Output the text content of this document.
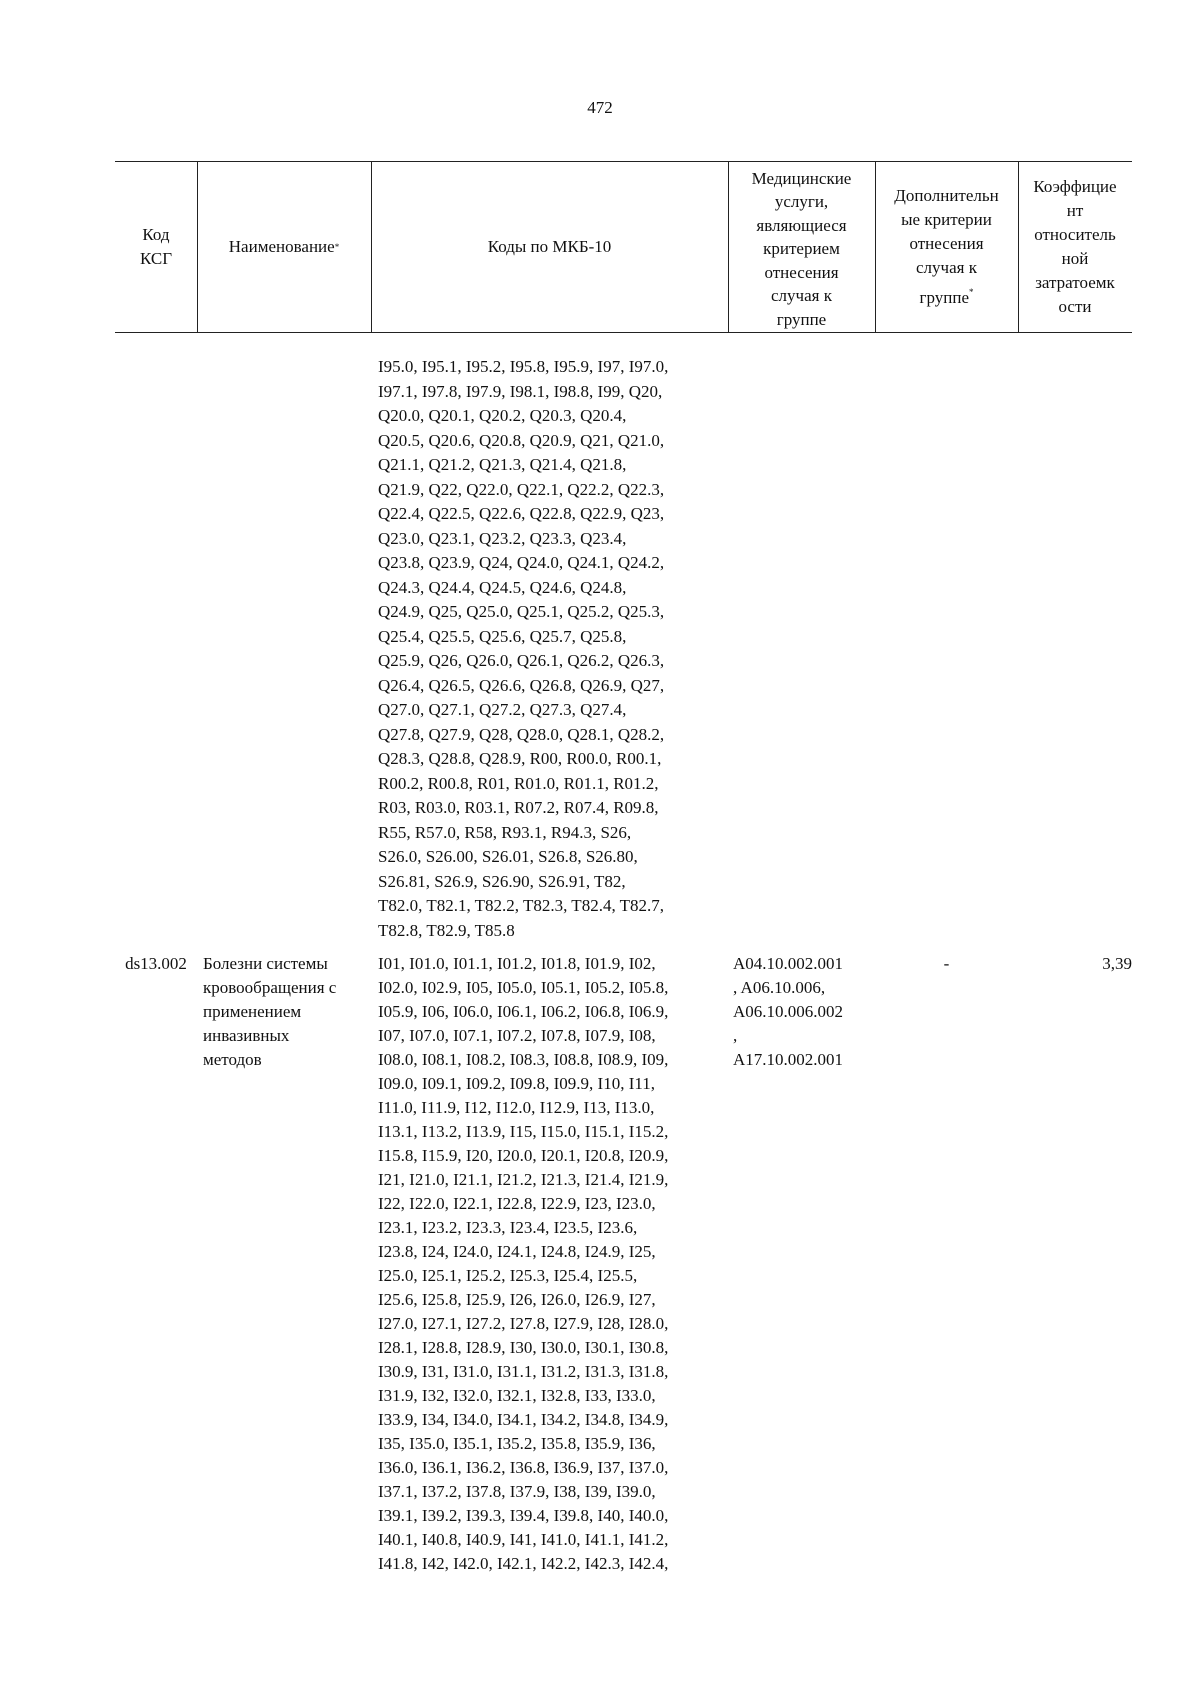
472
Код
КСГ
Наименование *	Коды по МКБ-10
Медицинские
услуги,
являющиеся
критерием
отнесения
случая к
группе
Дополнительн
ые критерии
отнесения
случая к
группе*
Коэффицие
нт
относитель
ной
затратоемк
ости
I95.0, I95.1, I95.2, I95.8, I95.9, I97, I97.0,
I97.1, I97.8, I97.9, I98.1, I98.8, I99, Q20,
Q20.0, Q20.1, Q20.2, Q20.3, Q20.4,
Q20.5, Q20.6, Q20.8, Q20.9, Q21, Q21.0,
Q21.1, Q21.2, Q21.3, Q21.4, Q21.8,
Q21.9, Q22, Q22.0, Q22.1, Q22.2, Q22.3,
Q22.4, Q22.5, Q22.6, Q22.8, Q22.9, Q23,
Q23.0, Q23.1, Q23.2, Q23.3, Q23.4,
Q23.8, Q23.9, Q24, Q24.0, Q24.1, Q24.2,
Q24.3, Q24.4, Q24.5, Q24.6, Q24.8,
Q24.9, Q25, Q25.0, Q25.1, Q25.2, Q25.3,
Q25.4, Q25.5, Q25.6, Q25.7, Q25.8,
Q25.9, Q26, Q26.0, Q26.1, Q26.2, Q26.3,
Q26.4, Q26.5, Q26.6, Q26.8, Q26.9, Q27,
Q27.0, Q27.1, Q27.2, Q27.3, Q27.4,
Q27.8, Q27.9, Q28, Q28.0, Q28.1, Q28.2,
Q28.3, Q28.8, Q28.9, R00, R00.0, R00.1,
R00.2, R00.8, R01, R01.0, R01.1, R01.2,
R03, R03.0, R03.1, R07.2, R07.4, R09.8,
R55, R57.0, R58, R93.1, R94.3, S26,
S26.0, S26.00, S26.01, S26.8, S26.80,
S26.81, S26.9, S26.90, S26.91, T82,
T82.0, T82.1, T82.2, T82.3, T82.4, T82.7,
T82.8, T82.9, T85.8
ds13.002 Болезни системы
кровообращения с
применением
инвазивных
методов
I01, I01.0, I01.1, I01.2, I01.8, I01.9, I02,
I02.0, I02.9, I05, I05.0, I05.1, I05.2, I05.8,
I05.9, I06, I06.0, I06.1, I06.2, I06.8, I06.9,
I07, I07.0, I07.1, I07.2, I07.8, I07.9, I08,
I08.0, I08.1, I08.2, I08.3, I08.8, I08.9, I09,
I09.0, I09.1, I09.2, I09.8, I09.9, I10, I11,
I11.0, I11.9, I12, I12.0, I12.9, I13, I13.0,
I13.1, I13.2, I13.9, I15, I15.0, I15.1, I15.2,
I15.8, I15.9, I20, I20.0, I20.1, I20.8, I20.9,
I21, I21.0, I21.1, I21.2, I21.3, I21.4, I21.9,
I22, I22.0, I22.1, I22.8, I22.9, I23, I23.0,
I23.1, I23.2, I23.3, I23.4, I23.5, I23.6,
I23.8, I24, I24.0, I24.1, I24.8, I24.9, I25,
I25.0, I25.1, I25.2, I25.3, I25.4, I25.5,
I25.6, I25.8, I25.9, I26, I26.0, I26.9, I27,
I27.0, I27.1, I27.2, I27.8, I27.9, I28, I28.0,
I28.1, I28.8, I28.9, I30, I30.0, I30.1, I30.8,
I30.9, I31, I31.0, I31.1, I31.2, I31.3, I31.8,
I31.9, I32, I32.0, I32.1, I32.8, I33, I33.0,
I33.9, I34, I34.0, I34.1, I34.2, I34.8, I34.9,
I35, I35.0, I35.1, I35.2, I35.8, I35.9, I36,
I36.0, I36.1, I36.2, I36.8, I36.9, I37, I37.0,
I37.1, I37.2, I37.8, I37.9, I38, I39, I39.0,
I39.1, I39.2, I39.3, I39.4, I39.8, I40, I40.0,
I40.1, I40.8, I40.9, I41, I41.0, I41.1, I41.2,
I41.8, I42, I42.0, I42.1, I42.2, I42.3, I42.4,
A04.10.002.001
, A06.10.006,
A06.10.006.002
,
A17.10.002.001
-	3,39
